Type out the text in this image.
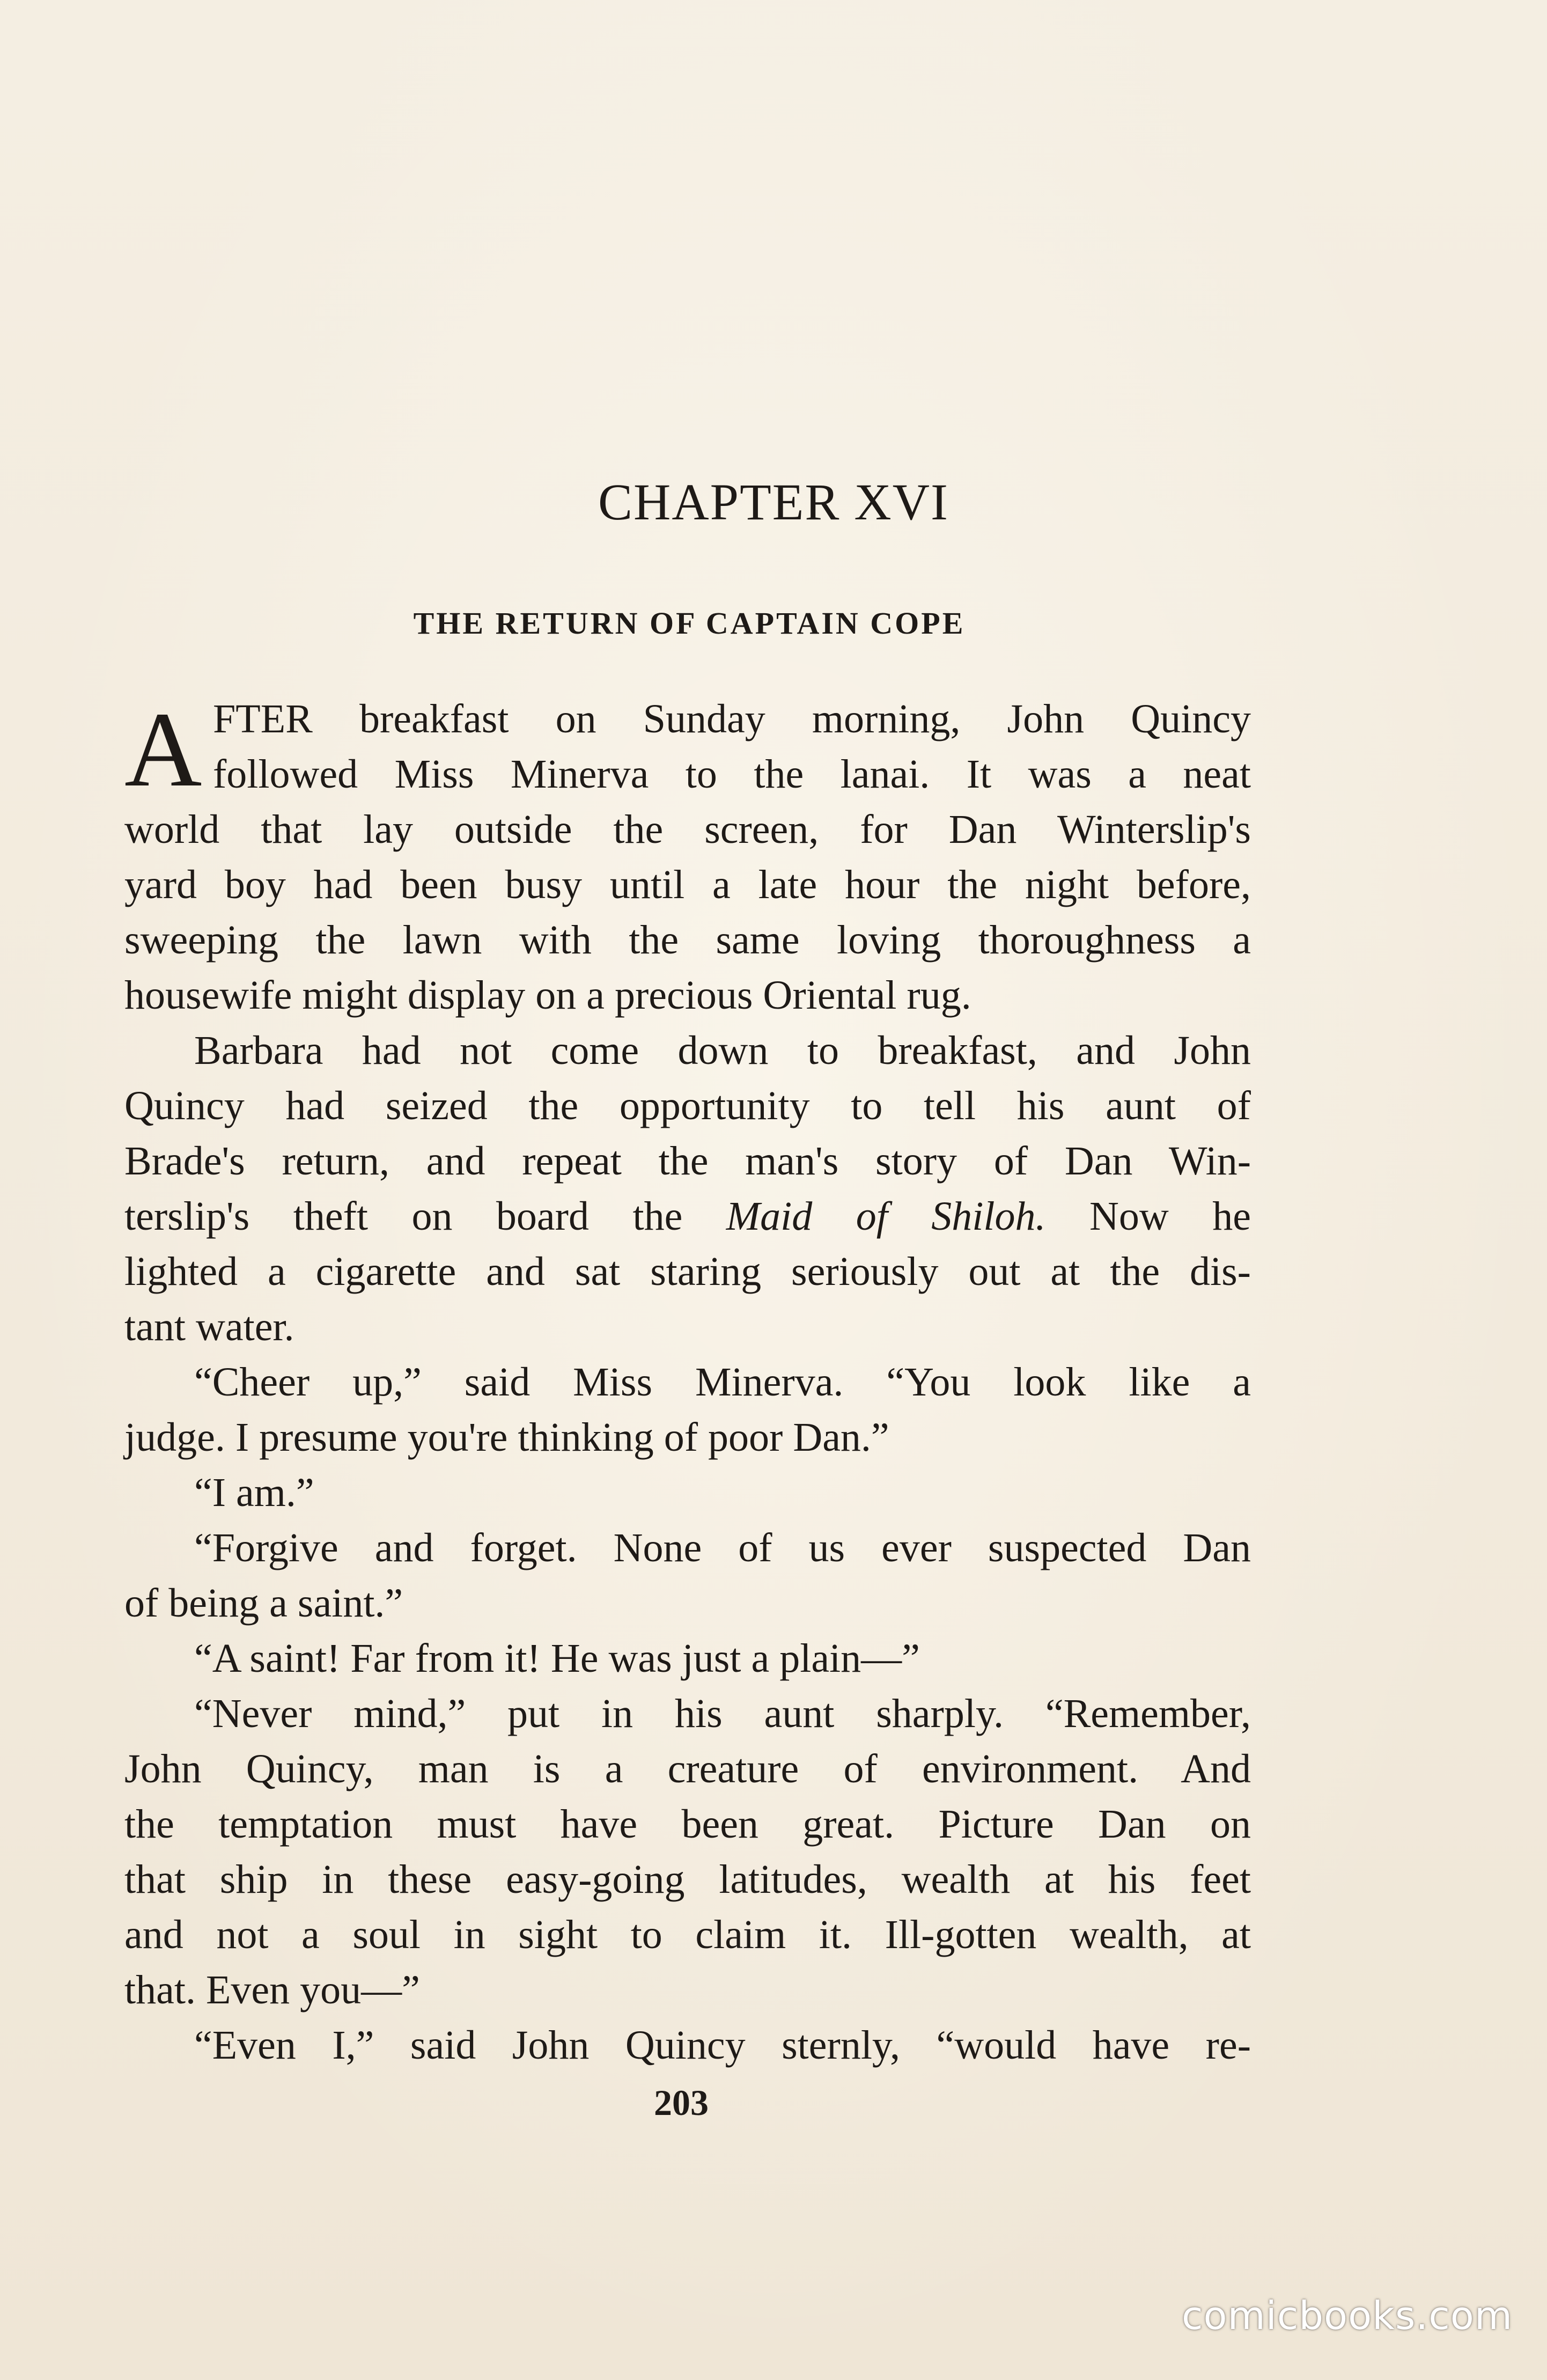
CHAPTER XVI
THE RETURN OF CAPTAIN COPE
A FTER breakfast on Sunday morning, John Quincy
followed Miss Minerva to the lanai. It was a neat
world that lay outside the screen, for Dan Winterslip's
yard boy had been busy until a late hour the night before,
sweeping the lawn with the same loving thoroughness a
housewife might display on a precious Oriental rug.
Barbara had not come down to breakfast, and John
Quincy had seized the opportunity to tell his aunt of
Brade's return, and repeat the man's story of Dan Win-
terslip's theft on board the Maid of Shiloh. Now he
lighted a cigarette and sat staring seriously out at the dis-
tant water.
“Cheer up,” said Miss Minerva. “You look like a
judge. I presume you're thinking of poor Dan.”
“I am.”
“Forgive and forget. None of us ever suspected Dan
of being a saint.”
“A saint! Far from it! He was just a plain—”
“Never mind,” put in his aunt sharply. “Remember,
John Quincy, man is a creature of environment. And
the temptation must have been great. Picture Dan on
that ship in these easy-going latitudes, wealth at his feet
and not a soul in sight to claim it. Ill-gotten wealth, at
that. Even you—”
“Even I,” said John Quincy sternly, “would have re-
203
comicbooks.com
